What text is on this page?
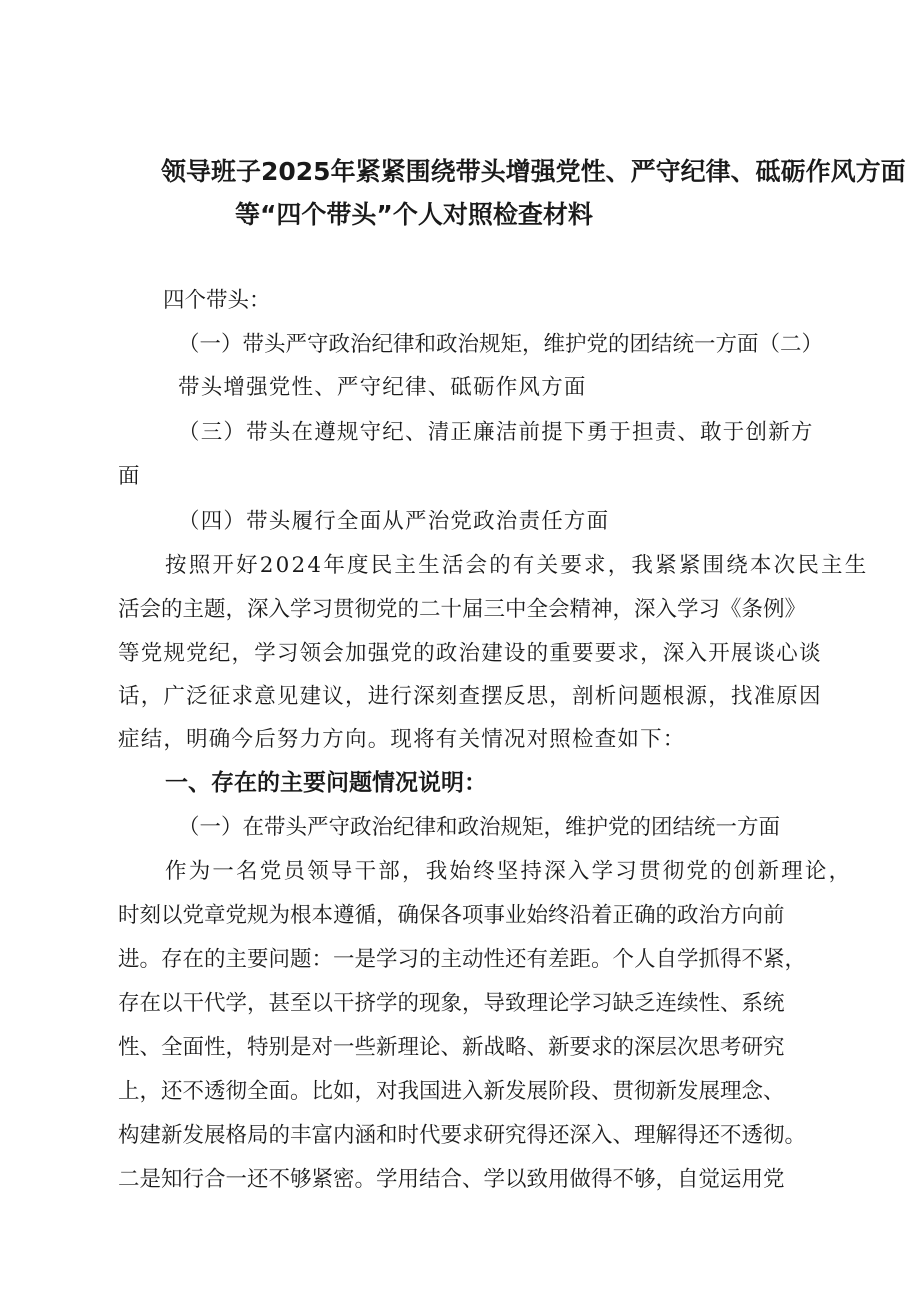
领导班子2025年紧紧围绕带头增强党性、严守纪律、砥砺作风方面
等“四个带头”个人对照检查材料
四个带头：
（一）带头严守政治纪律和政治规矩，维护党的团结统一方面（二）
带头增强党性、严守纪律、砥砺作风方面
（三）带头在遵规守纪、清正廉洁前提下勇于担责、敢于创新方
面
（四）带头履行全面从严治党政治责任方面
按照开好2024年度民主生活会的有关要求，我紧紧围绕本次民主生
活会的主题，深入学习贯彻党的二十届三中全会精神，深入学习《条例》
等党规党纪，学习领会加强党的政治建设的重要要求，深入开展谈心谈
话，广泛征求意见建议，进行深刻查摆反思，剖析问题根源，找准原因
症结，明确今后努力方向。现将有关情况对照检查如下：
一、存在的主要问题情况说明：
（一）在带头严守政治纪律和政治规矩，维护党的团结统一方面
作为一名党员领导干部，我始终坚持深入学习贯彻党的创新理论，
时刻以党章党规为根本遵循，确保各项事业始终沿着正确的政治方向前
进。存在的主要问题：一是学习的主动性还有差距。个人自学抓得不紧，
存在以干代学，甚至以干挤学的现象，导致理论学习缺乏连续性、系统
性、全面性，特别是对一些新理论、新战略、新要求的深层次思考研究
上，还不透彻全面。比如，对我国进入新发展阶段、贯彻新发展理念、
构建新发展格局的丰富内涵和时代要求研究得还深入、理解得还不透彻。
二是知行合一还不够紧密。学用结合、学以致用做得不够，自觉运用党
